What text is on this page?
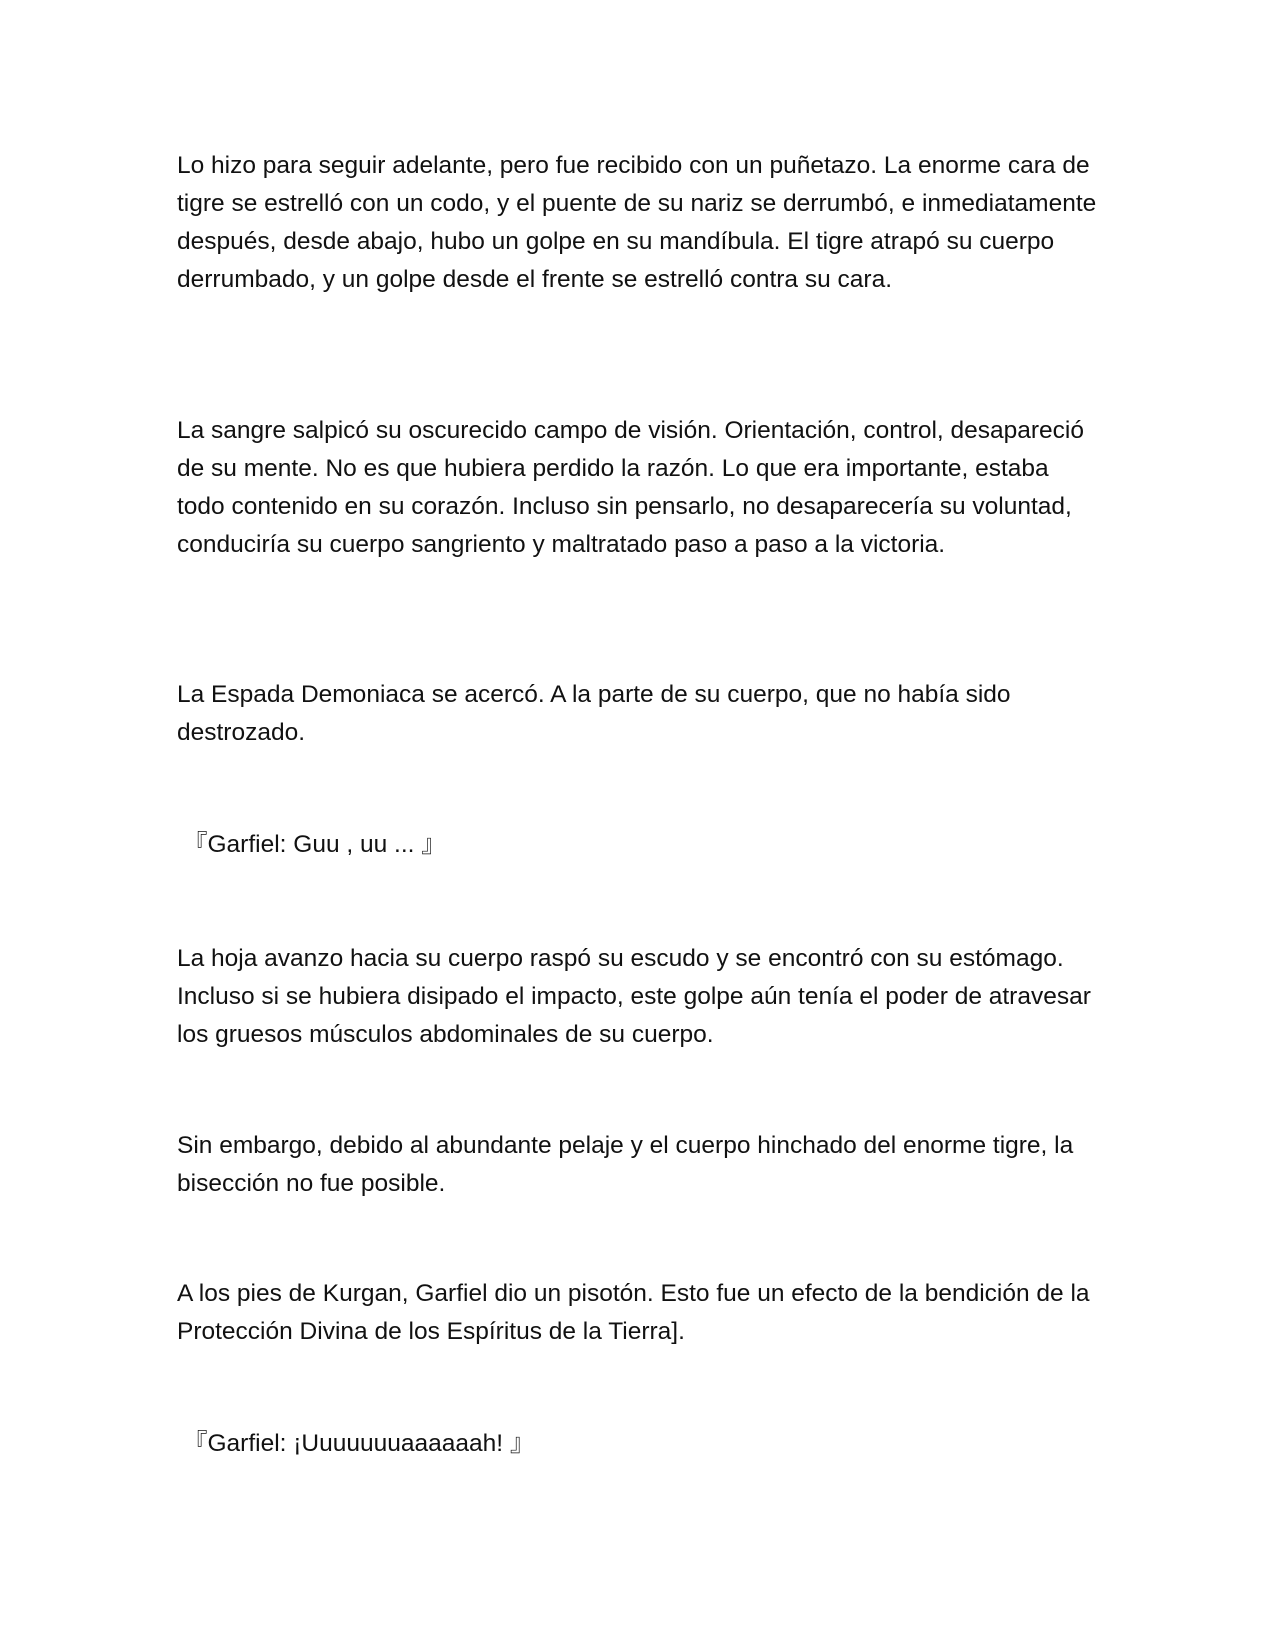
Lo hizo para seguir adelante, pero fue recibido con un puñetazo. La enorme cara de tigre se estrelló con un codo, y el puente de su nariz se derrumbó, e inmediatamente después, desde abajo, hubo un golpe en su mandíbula. El tigre atrapó su cuerpo derrumbado, y un golpe desde el frente se estrelló contra su cara.

La sangre salpicó su oscurecido campo de visión. Orientación, control, desapareció de su mente. No es que hubiera perdido la razón. Lo que era importante, estaba todo contenido en su corazón. Incluso sin pensarlo, no desaparecería su voluntad, conduciría su cuerpo sangriento y maltratado paso a paso a la victoria.

La Espada Demoniaca se acercó. A la parte de su cuerpo, que no había sido destrozado.

『Garfiel: Guu , uu ... 』

La hoja avanzo hacia su cuerpo raspó su escudo y se encontró con su estómago. Incluso si se hubiera disipado el impacto, este golpe aún tenía el poder de atravesar los gruesos músculos abdominales de su cuerpo.

Sin embargo, debido al abundante pelaje y el cuerpo hinchado del enorme tigre, la bisección no fue posible.

A los pies de Kurgan, Garfiel dio un pisotón. Esto fue un efecto de la bendición de la Protección Divina de los Espíritus de la Tierra].

『Garfiel: ¡Uuuuuuuaaaaaah! 』
